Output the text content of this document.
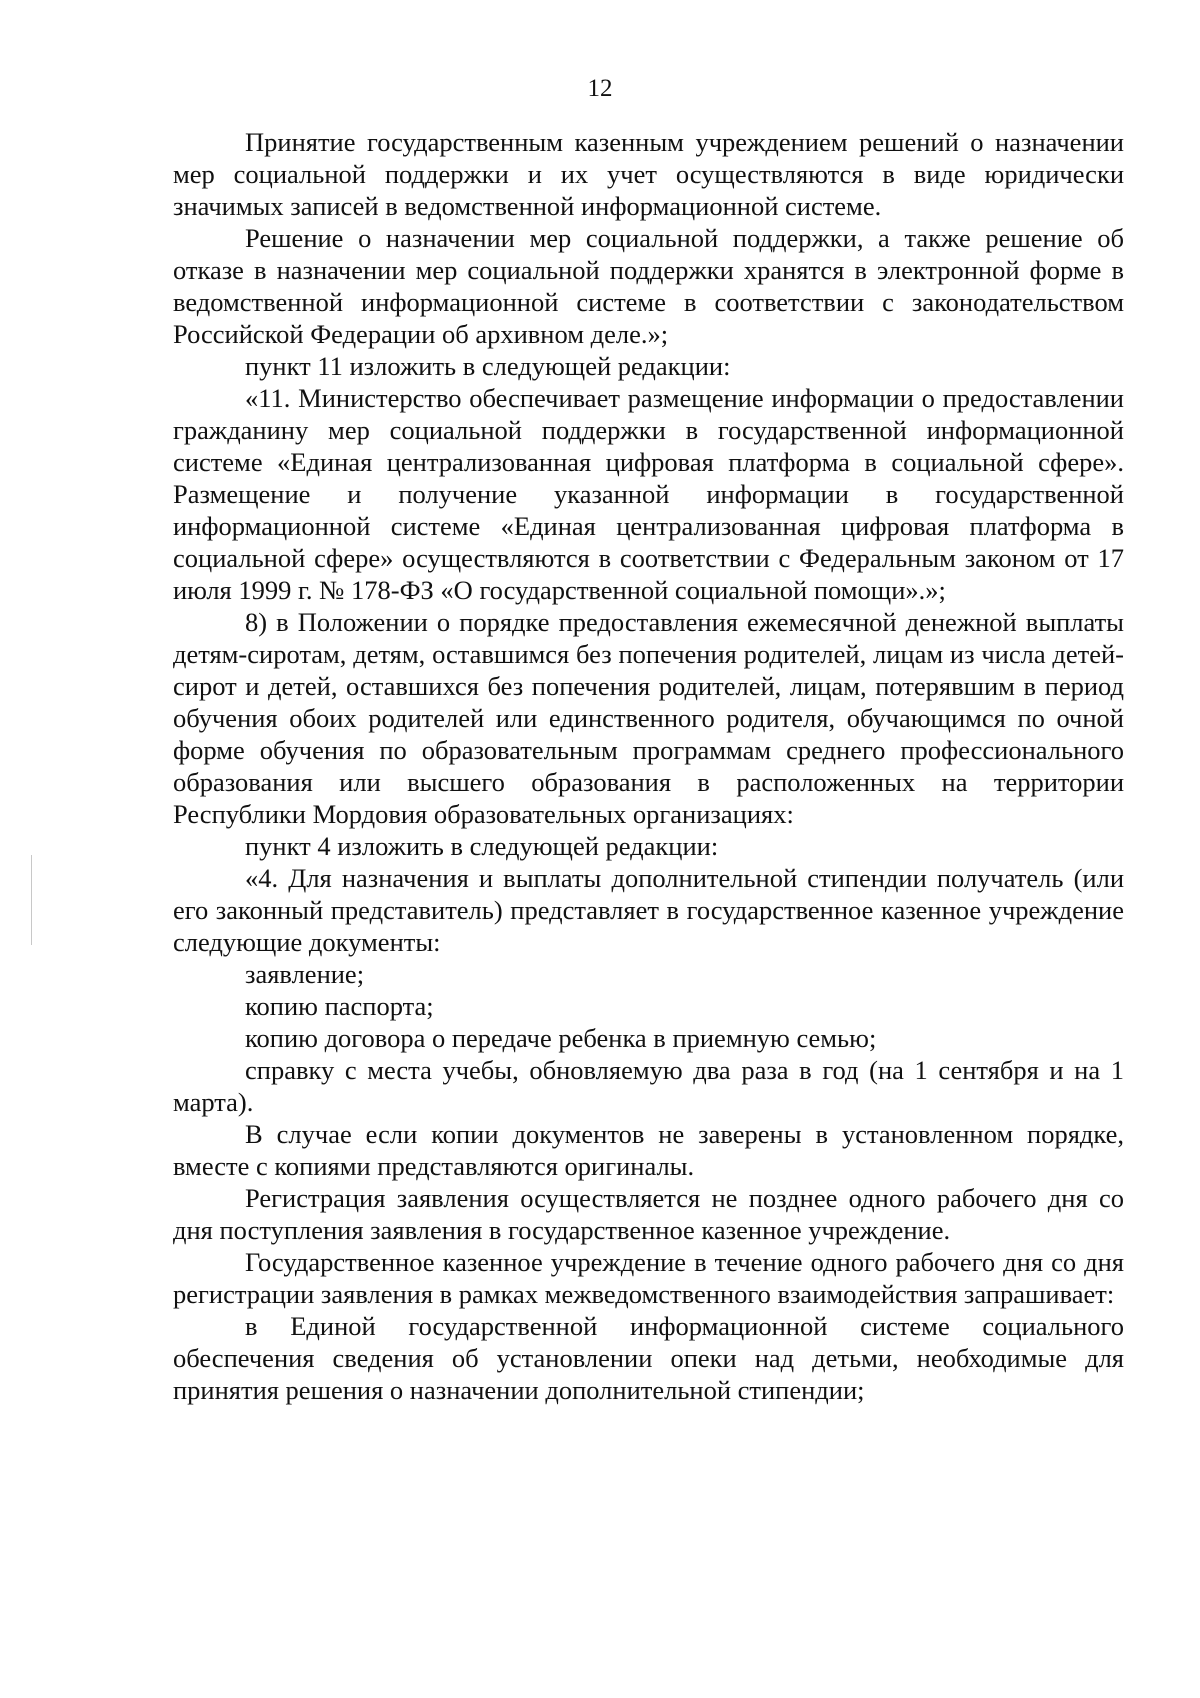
12

Принятие государственным казенным учреждением решений о назначении мер социальной поддержки и их учет осуществляются в виде юридически значимых записей в ведомственной информационной системе.

Решение о назначении мер социальной поддержки, а также решение об отказе в назначении мер социальной поддержки хранятся в электронной форме в ведомственной информационной системе в соответствии с законодательством Российской Федерации об архивном деле.»;

пункт 11 изложить в следующей редакции:

«11. Министерство обеспечивает размещение информации о предоставлении гражданину мер социальной поддержки в государственной информационной системе «Единая централизованная цифровая платформа в социальной сфере». Размещение и получение указанной информации в государственной информационной системе «Единая централизованная цифровая платформа в социальной сфере» осуществляются в соответствии с Федеральным законом от 17 июля 1999 г. № 178-ФЗ «О государственной социальной помощи».»;

8) в Положении о порядке предоставления ежемесячной денежной выплаты детям-сиротам, детям, оставшимся без попечения родителей, лицам из числа детей-сирот и детей, оставшихся без попечения родителей, лицам, потерявшим в период обучения обоих родителей или единственного родителя, обучающимся по очной форме обучения по образовательным программам среднего профессионального образования или высшего образования в расположенных на территории Республики Мордовия образовательных организациях:

пункт 4 изложить в следующей редакции:

«4. Для назначения и выплаты дополнительной стипендии получатель (или его законный представитель) представляет в государственное казенное учреждение следующие документы:

заявление;

копию паспорта;

копию договора о передаче ребенка в приемную семью;

справку с места учебы, обновляемую два раза в год (на 1 сентября и на 1 марта).

В случае если копии документов не заверены в установленном порядке, вместе с копиями представляются оригиналы.

Регистрация заявления осуществляется не позднее одного рабочего дня со дня поступления заявления в государственное казенное учреждение.

Государственное казенное учреждение в течение одного рабочего дня со дня регистрации заявления в рамках межведомственного взаимодействия запрашивает:

в Единой государственной информационной системе социального обеспечения сведения об установлении опеки над детьми, необходимые для принятия решения о назначении дополнительной стипендии;
